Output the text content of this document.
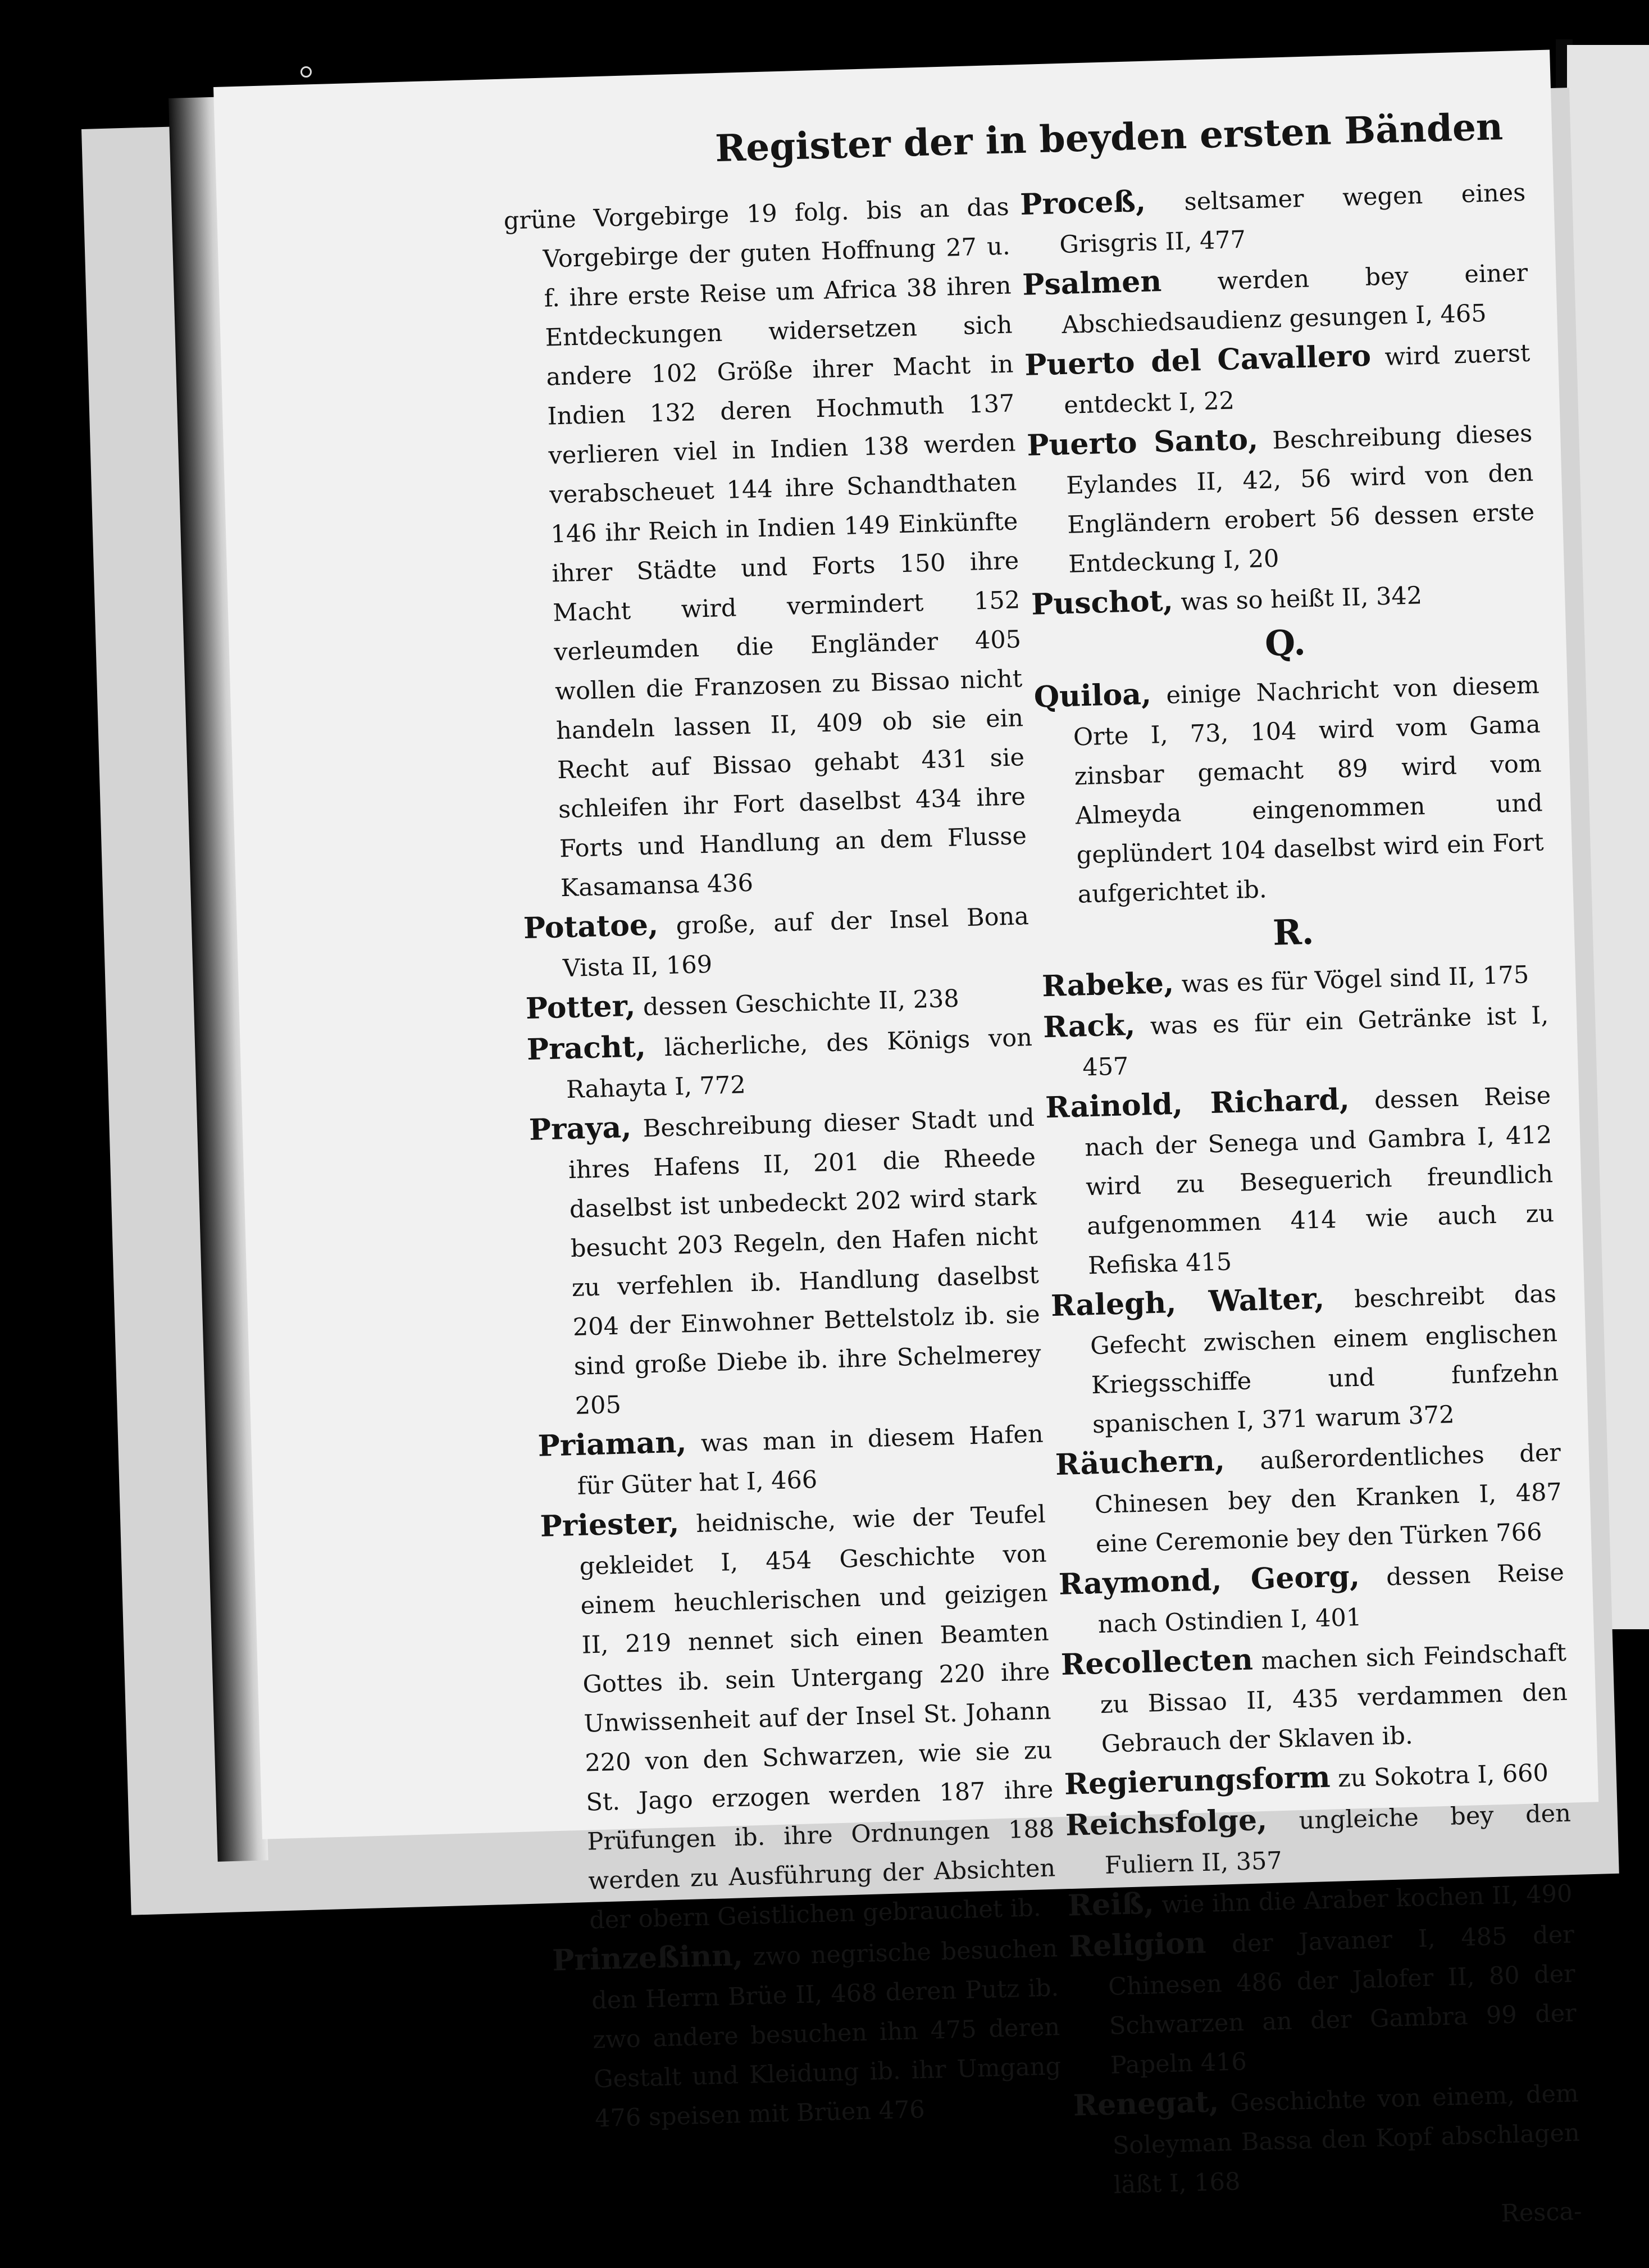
Register der in beyden ersten Bänden

grüne Vorgebirge 19 folg. bis an das Vorgebirge der guten Hoffnung 27 u. f. ihre erste Reise um Africa 38 ihren Entdeckungen widersetzen sich andere 102 Größe ihrer Macht in Indien 132 deren Hochmuth 137 verlieren viel in Indien 138 werden verabscheuet 144 ihre Schandthaten 146 ihr Reich in Indien 149 Einkünfte ihrer Städte und Forts 150 ihre Macht wird vermindert 152 verleumden die Engländer 405 wollen die Franzosen zu Bissao nicht handeln lassen II, 409 ob sie ein Recht auf Bissao gehabt 431 sie schleifen ihr Fort daselbst 434 ihre Forts und Handlung an dem Flusse Kasamansa 436

Potatoe, große, auf der Insel Bona Vista II, 169

Potter, dessen Geschichte II, 238

Pracht, lächerliche, des Königs von Rahayta I, 772

Praya, Beschreibung dieser Stadt und ihres Hafens II, 201 die Rheede daselbst ist unbedeckt 202 wird stark besucht 203 Regeln, den Hafen nicht zu verfehlen ib. Handlung daselbst 204 der Einwohner Bettelstolz ib. sie sind große Diebe ib. ihre Schelmerey 205

Priaman, was man in diesem Hafen für Güter hat I, 466

Priester, heidnische, wie der Teufel gekleidet I, 454 Geschichte von einem heuchlerischen und geizigen II, 219 nennet sich einen Beamten Gottes ib. sein Untergang 220 ihre Unwissenheit auf der Insel St. Johann 220 von den Schwarzen, wie sie zu St. Jago erzogen werden 187 ihre Prüfungen ib. ihre Ordnungen 188 werden zu Ausführung der Absichten der obern Geistlichen gebrauchet ib.

Prinzeßinn, zwo negrische besuchen den Herrn Brüe II, 468 deren Putz ib. zwo andere besuchen ihn 475 deren Gestalt und Kleidung ib. ihr Umgang 476 speisen mit Brüen 476

Proceß, seltsamer wegen eines Grisgris II, 477

Psalmen werden bey einer Abschiedsaudienz gesungen I, 465

Puerto del Cavallero wird zuerst entdeckt I, 22

Puerto Santo, Beschreibung dieses Eylandes II, 42, 56 wird von den Engländern erobert 56 dessen erste Entdeckung I, 20

Puschot, was so heißt II, 342

Q.

Quiloa, einige Nachricht von diesem Orte I, 73, 104 wird vom Gama zinsbar gemacht 89 wird vom Almeyda eingenommen und geplündert 104 daselbst wird ein Fort aufgerichtet ib.

R.

Rabeke, was es für Vögel sind II, 175

Rack, was es für ein Getränke ist I, 457

Rainold, Richard, dessen Reise nach der Senega und Gambra I, 412 wird zu Beseguerich freundlich aufgenommen 414 wie auch zu Refiska 415

Ralegh, Walter, beschreibt das Gefecht zwischen einem englischen Kriegsschiffe und funfzehn spanischen I, 371 warum 372

Räuchern, außerordentliches der Chinesen bey den Kranken I, 487 eine Ceremonie bey den Türken 766

Raymond, Georg, dessen Reise nach Ostindien I, 401

Recollecten machen sich Feindschaft zu Bissao II, 435 verdammen den Gebrauch der Sklaven ib.

Regierungsform zu Sokotra I, 660

Reichsfolge, ungleiche bey den Fuliern II, 357

Reiß, wie ihn die Araber kochen II, 490

Religion der Javaner I, 485 der Chinesen 486 der Jalofer II, 80 der Schwarzen an der Gambra 99 der Papeln 416

Renegat, Geschichte von einem, dem Soleyman Bassa den Kopf abschlagen läßt I, 168

Resca-
